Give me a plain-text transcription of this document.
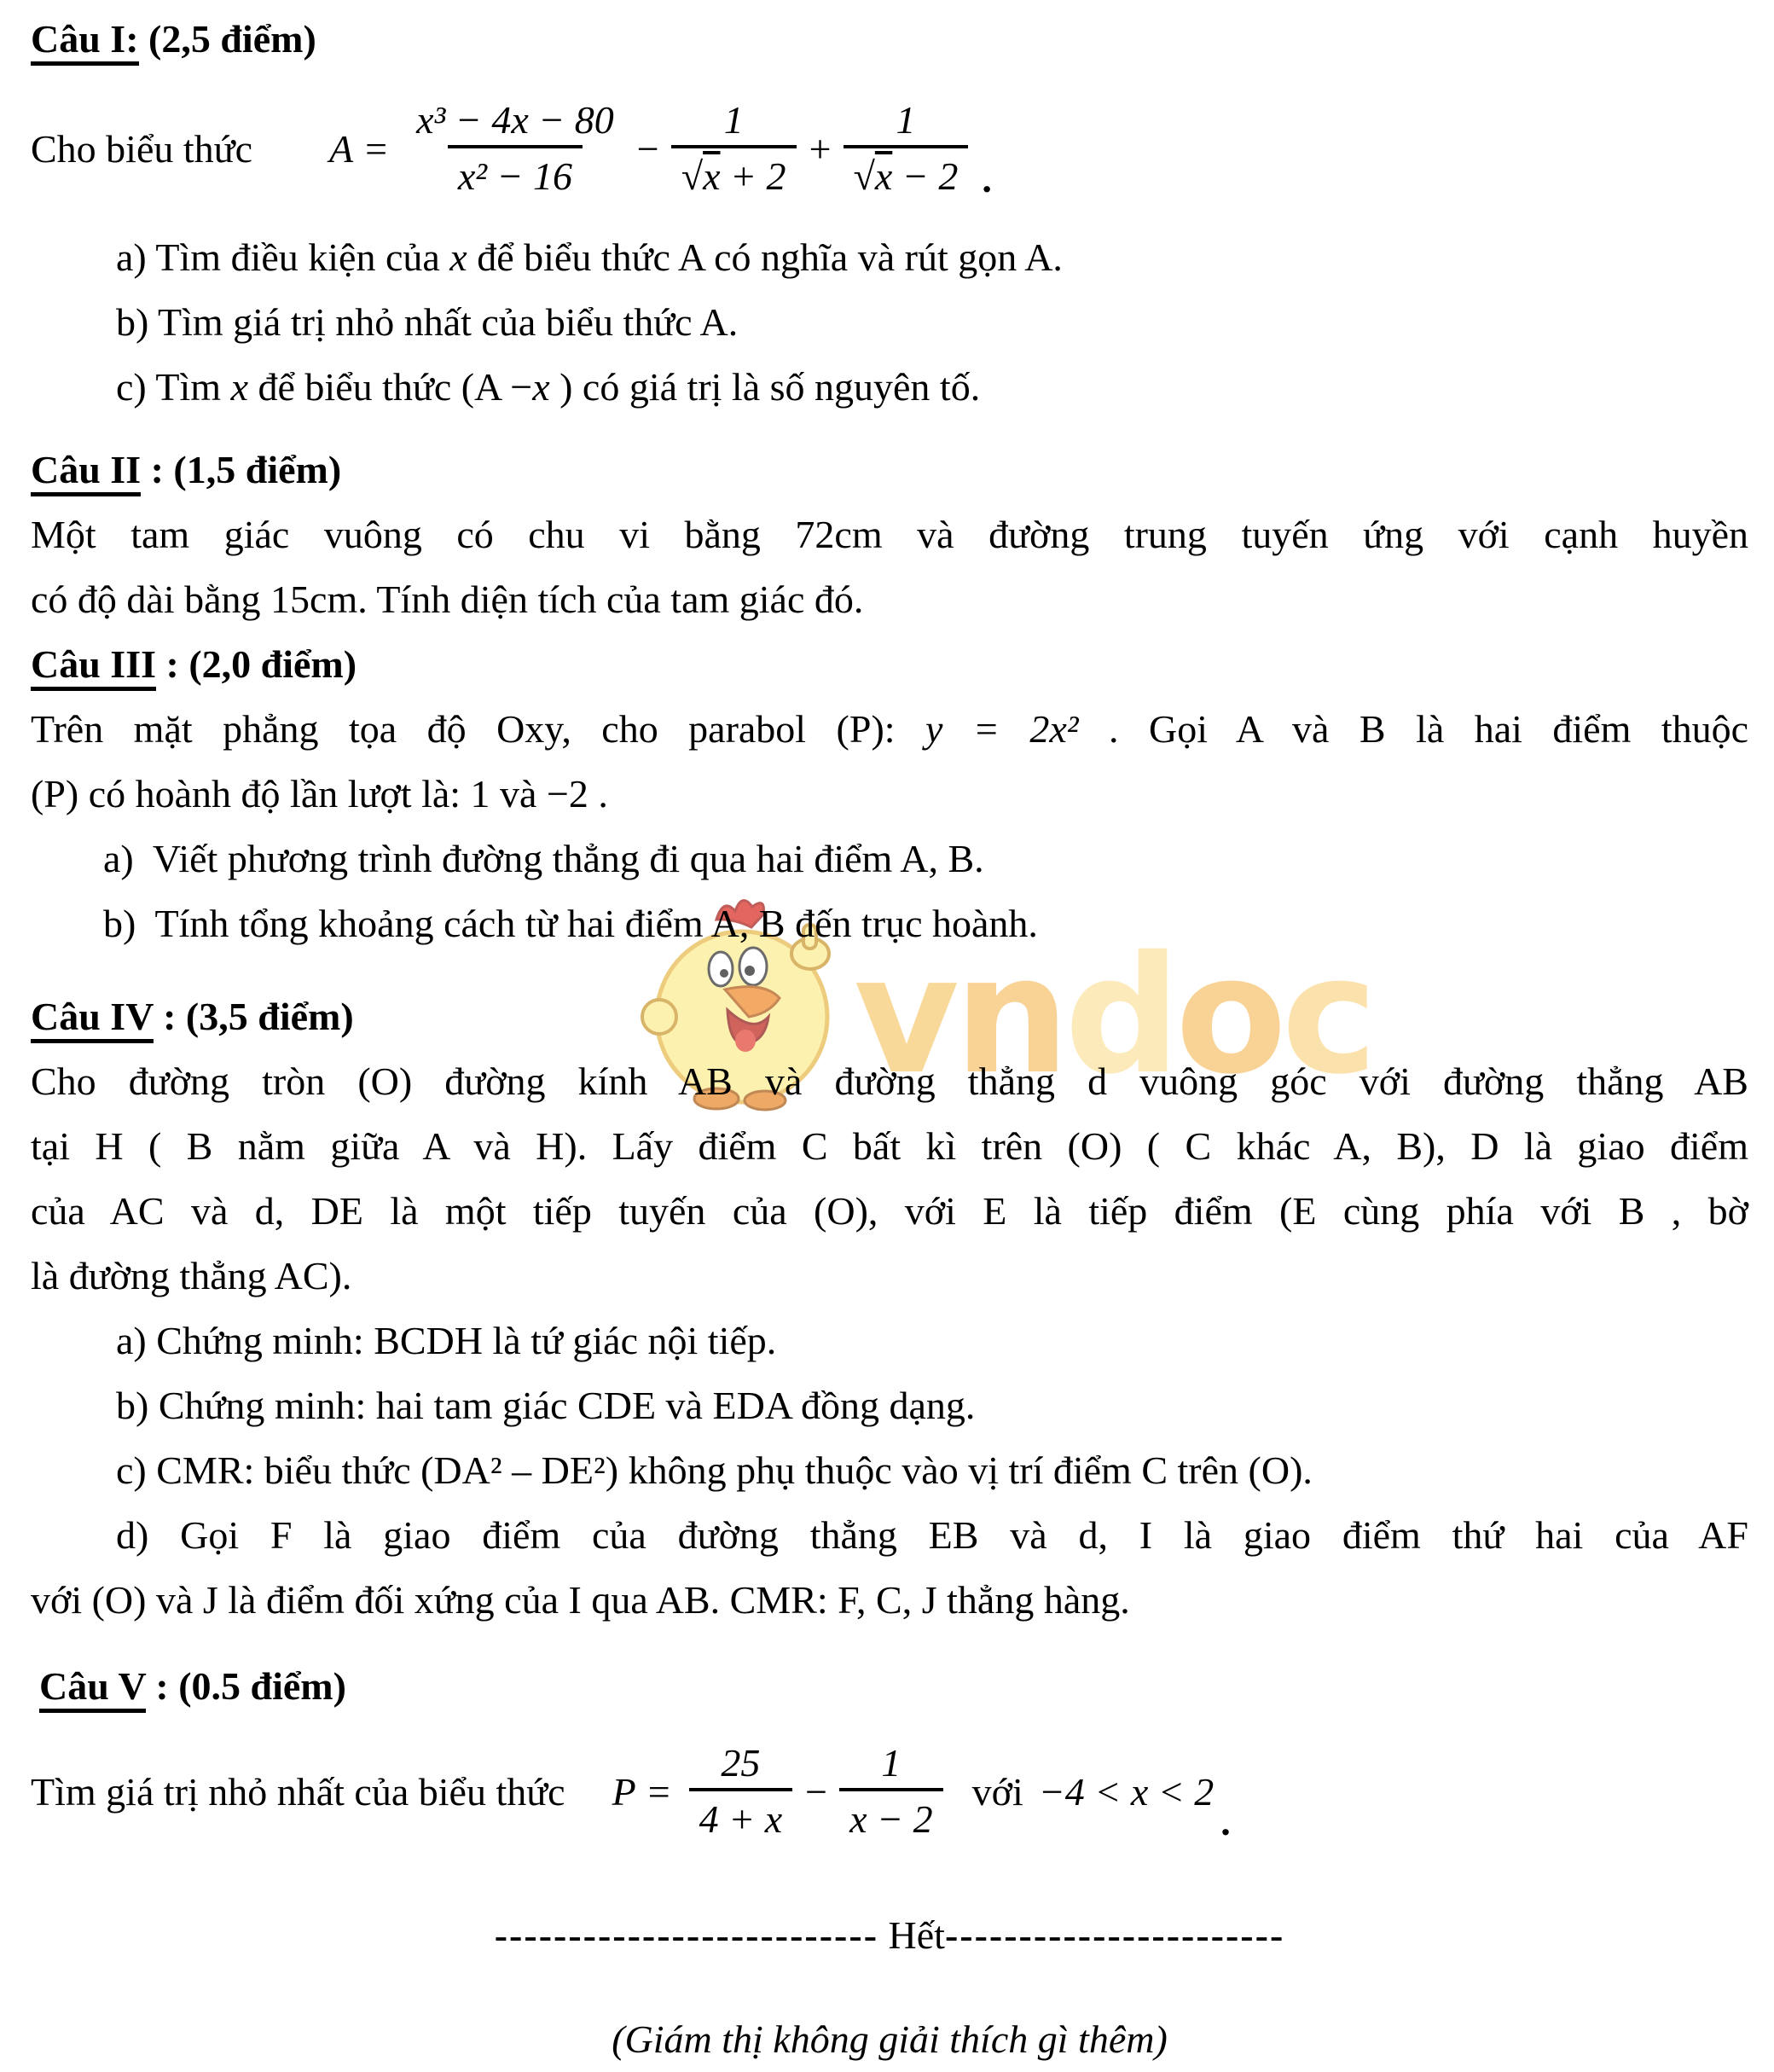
vndoc

Câu I: (2,5 điểm)

Cho biểu thức $A = \frac{\text{x³ − 4x − 80}}{\text{x² − 16}} - \frac{1}{√x + 2} + \frac{1}{√x - 2}$ .

a) Tìm điều kiện của x để biểu thức A có nghĩa và rút gọn A.

b) Tìm giá trị nhỏ nhất của biểu thức A.

c) Tìm x để biểu thức (A −x ) có giá trị là số nguyên tố.

Câu II : (1,5 điểm)

Một tam giác vuông có chu vi bằng 72cm và đường trung tuyến ứng với cạnh huyền

có độ dài bằng 15cm. Tính diện tích của tam giác đó.

Câu III : (2,0 điểm)

Trên mặt phẳng tọa độ Oxy, cho parabol (P): y = 2x² . Gọi A và B là hai điểm thuộc

(P) có hoành độ lần lượt là: 1 và −2 .

a)  Viết phương trình đường thẳng đi qua hai điểm A, B.

b)  Tính tổng khoảng cách từ hai điểm A, B đến trục hoành.

Câu IV : (3,5 điểm)

Cho đường tròn (O) đường kính AB và đường thẳng d vuông góc với đường thẳng AB

tại H ( B nằm giữa A và H). Lấy điểm C bất kì trên (O) ( C khác A, B), D là giao điểm

của AC và d, DE là một tiếp tuyến của (O), với E là tiếp điểm (E cùng phía với B , bờ

là đường thẳng AC).

a) Chứng minh: BCDH là tứ giác nội tiếp.

b) Chứng minh: hai tam giác CDE và EDA đồng dạng.

c) CMR: biểu thức (DA² – DE²) không phụ thuộc vào vị trí điểm C trên (O).

d) Gọi F là giao điểm của đường thẳng EB và d, I là giao điểm thứ hai của AF

với (O) và J là điểm đối xứng của I qua AB. CMR: F, C, J thẳng hàng.

Câu V : (0.5 điểm)

Tìm giá trị nhỏ nhất của biểu thức $P = \frac{25}{4 + x} - \frac{1}{x - 2}$ với −4 < x < 2
.

-------------------------- Hết-----------------------

(Giám thị không giải thích gì thêm)
